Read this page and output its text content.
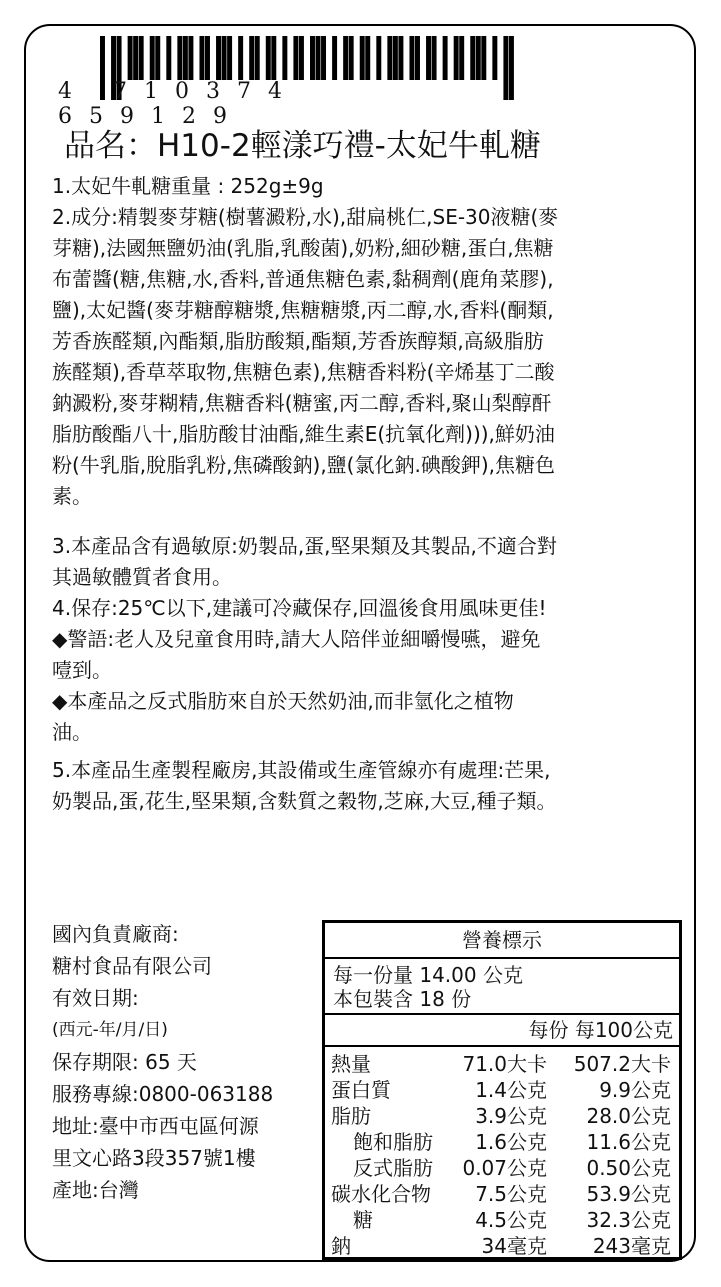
4 710374 659129
品名：H10-2輕漾巧禮-太妃牛軋糖
1.太妃牛軋糖重量 : 252g±9g
2.成分:精製麥芽糖(樹薯澱粉,水),甜扁桃仁,SE-30液糖(麥
芽糖),法國無鹽奶油(乳脂,乳酸菌),奶粉,細砂糖,蛋白,焦糖
布蕾醬(糖,焦糖,水,香料,普通焦糖色素,黏稠劑(鹿角菜膠),
鹽),太妃醬(麥芽糖醇糖漿,焦糖糖漿,丙二醇,水,香料(酮類,
芳香族醛類,內酯類,脂肪酸類,酯類,芳香族醇類,高級脂肪
族醛類),香草萃取物,焦糖色素),焦糖香料粉(辛烯基丁二酸
鈉澱粉,麥芽糊精,焦糖香料(糖蜜,丙二醇,香料,聚山梨醇酐
脂肪酸酯八十,脂肪酸甘油酯,維生素E(抗氧化劑))),鮮奶油
粉(牛乳脂,脫脂乳粉,焦磷酸鈉),鹽(氯化鈉.碘酸鉀),焦糖色
素。
3.本產品含有過敏原:奶製品,蛋,堅果類及其製品,不適合對
其過敏體質者食用。
4.保存:25℃以下,建議可冷藏保存,回溫後食用風味更佳!
◆警語:老人及兒童食用時,請大人陪伴並細嚼慢嚥，避免
噎到。
◆本產品之反式脂肪來自於天然奶油,而非氫化之植物
油。
5.本產品生產製程廠房,其設備或生產管線亦有處理:芒果,
奶製品,蛋,花生,堅果類,含麩質之穀物,芝麻,大豆,種子類。
國內負責廠商:
糖村食品有限公司
有效日期:
(西元-年/月/日)
保存期限: 65 天
服務專線:0800-063188
地址:臺中市西屯區何源
里文心路3段357號1樓
產地:台灣
營養標示
每一份量 14.00 公克
本包裝含 18 份
每份 每100公克
熱量	71.0大卡 507.2大卡
蛋白質	1.4公克	9.9公克
脂肪	3.9公克 28.0公克
飽和脂肪 1.6公克 11.6公克
反式脂肪 0.07公克 0.50公克
碳水化合物 7.5公克 53.9公克
糖	4.5公克 32.3公克
鈉	34毫克 243毫克
